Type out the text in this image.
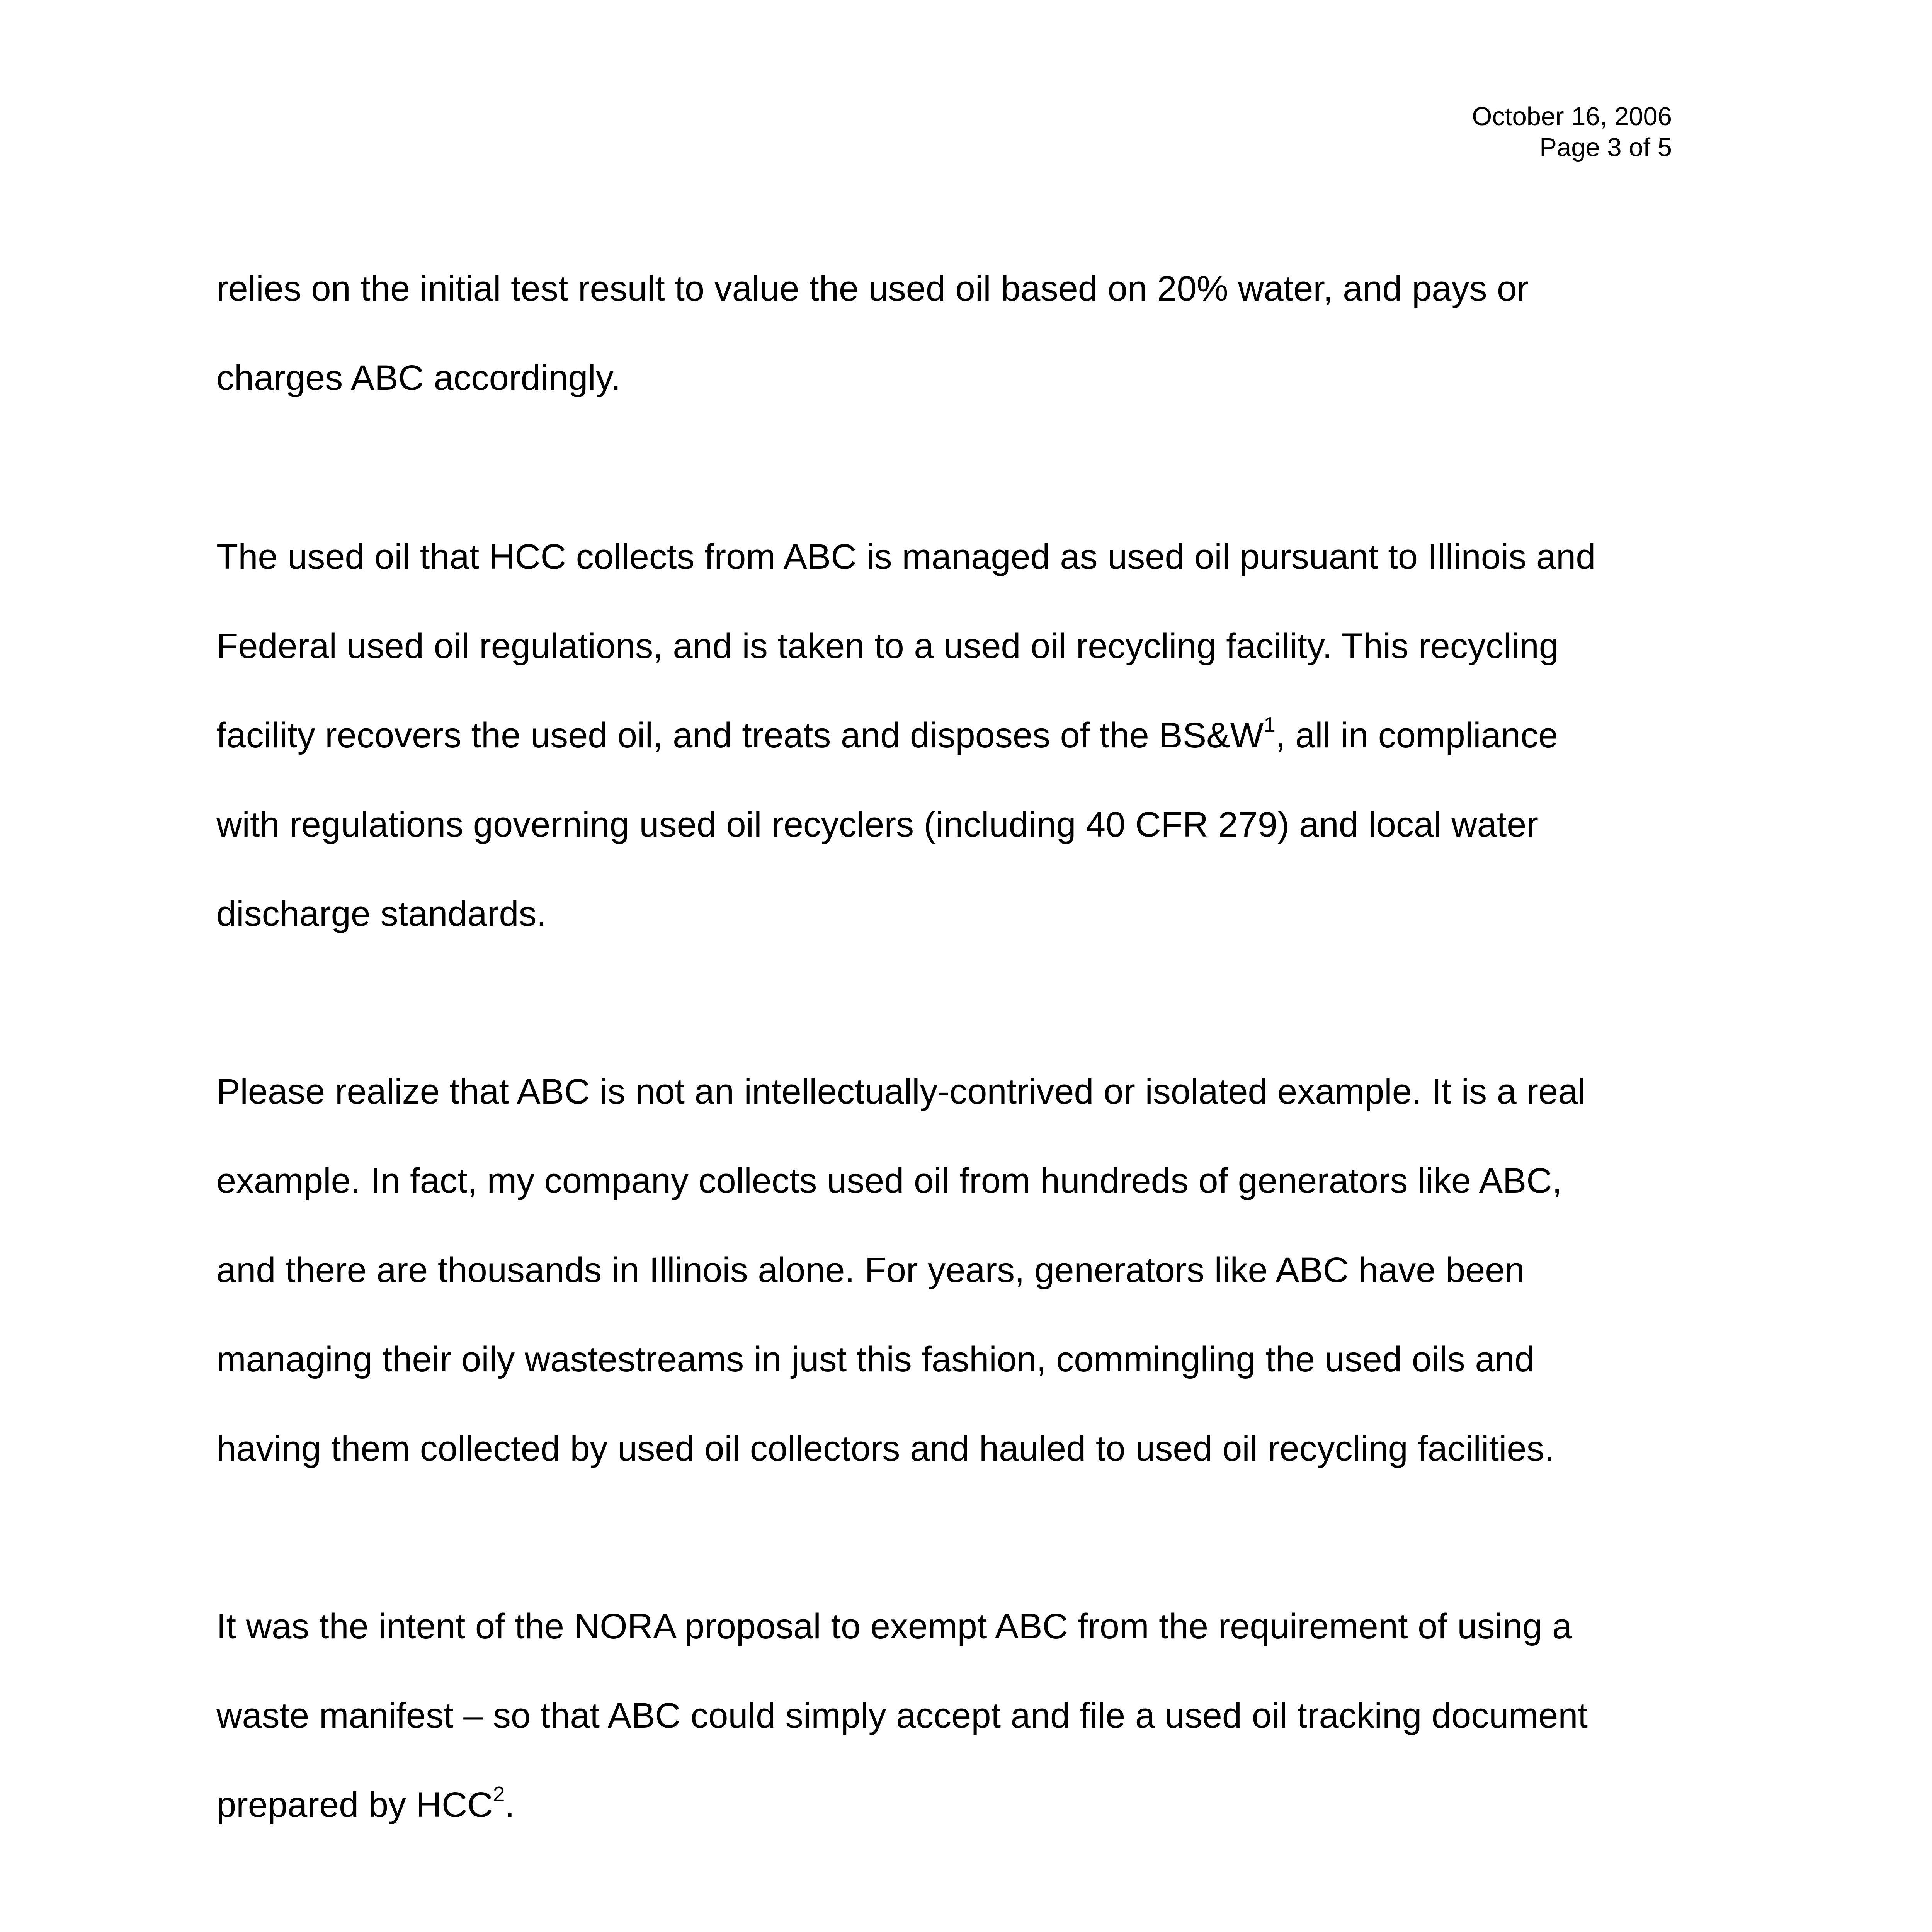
October 16, 2006
Page 3 of 5
relies on the initial test result to value the used oil based on 20% water, and pays or
charges ABC accordingly.
The used oil that HCC collects from ABC is managed as used oil pursuant to Illinois and
Federal used oil regulations, and is taken to a used oil recycling facility. This recycling
facility recovers the used oil, and treats and disposes of the BS&W$^1$, all in compliance
with regulations governing used oil recyclers (including 40 CFR 279) and local water
discharge standards.
Please realize that ABC is not an intellectually-contrived or isolated example. It is a real
example. In fact, my company collects used oil from hundreds of generators like ABC,
and there are thousands in Illinois alone. For years, generators like ABC have been
managing their oily wastestreams in just this fashion, commingling the used oils and
having them collected by used oil collectors and hauled to used oil recycling facilities.
It was the intent of the NORA proposal to exempt ABC from the requirement of using a
waste manifest – so that ABC could simply accept and file a used oil tracking document
prepared by HCC$^2$.
